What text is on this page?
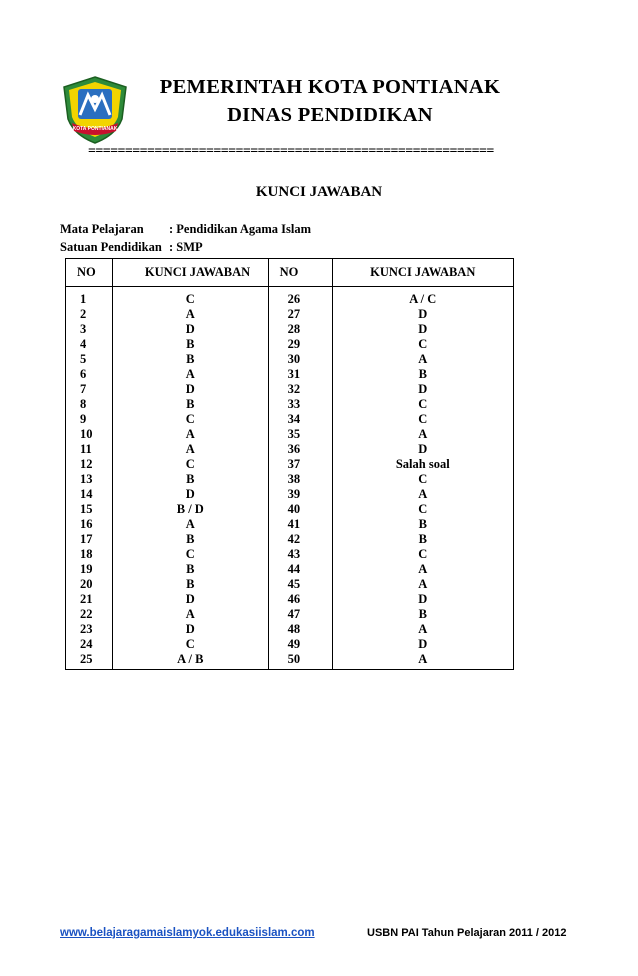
KOTA PONTIANAK
PEMERINTAH KOTA PONTIANAK
DINAS PENDIDIKAN
=======================================================
KUNCI JAWABAN
Mata Pelajaran : Pendidikan Agama Islam
Satuan Pendidikan : SMP
NO	KUNCI JAWABAN	NO	KUNCI JAWABAN
1	C	26	A / C
2	A	27	D
3	D	28	D
4	B	29	C
5	B	30	A
6	A	31	B
7	D	32	D
8	B	33	C
9	C	34	C
10	A	35	A
11	A	36	D
12	C	37	Salah soal
13	B	38	C
14	D	39	A
15	B / D	40	C
16	A	41	B
17	B	42	B
18	C	43	C
19	B	44	A
20	B	45	A
21	D	46	D
22	A	47	B
23	D	48	A
24	C	49	D
25	A / B	50	A
www.belajaragamaislamyok.edukasiislam.com	USBN PAI Tahun Pelajaran 2011 / 2012
